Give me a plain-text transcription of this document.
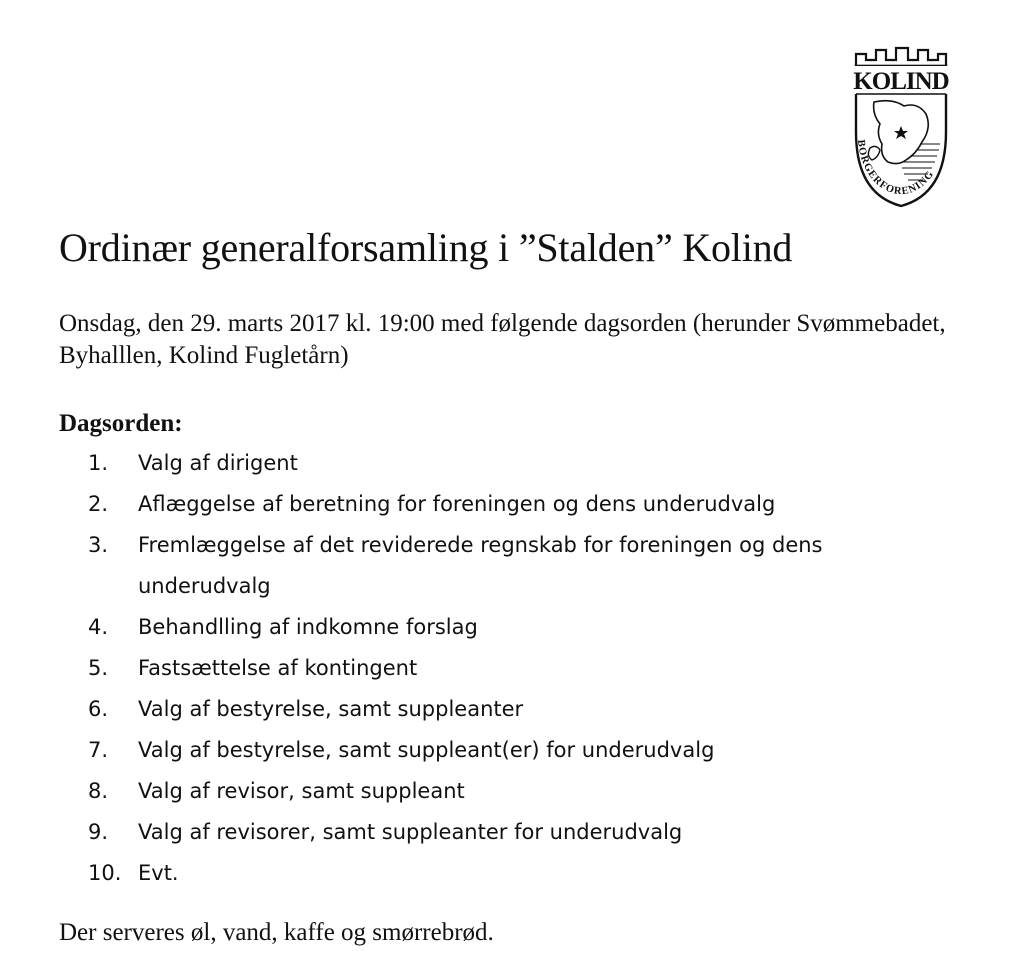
KOLIND
BORGERFORENING
Ordinær generalforsamling i ”Stalden” Kolind

Onsdag, den 29. marts 2017 kl. 19:00 med følgende dagsorden (herunder Svømmebadet, Byhalllen, Kolind Fugletårn)

Dagsorden:
1.	Valg af dirigent
2.	Aflæggelse af beretning for foreningen og dens underudvalg
3.	Fremlæggelse af det reviderede regnskab for foreningen og dens underudvalg
4.	Behandlling af indkomne forslag
5.	Fastsættelse af kontingent
6.	Valg af bestyrelse, samt suppleanter
7.	Valg af bestyrelse, samt suppleant(er) for underudvalg
8.	Valg af revisor, samt suppleant
9.	Valg af revisorer, samt suppleanter for underudvalg
10. Evt.

Der serveres øl, vand, kaffe og smørrebrød.
